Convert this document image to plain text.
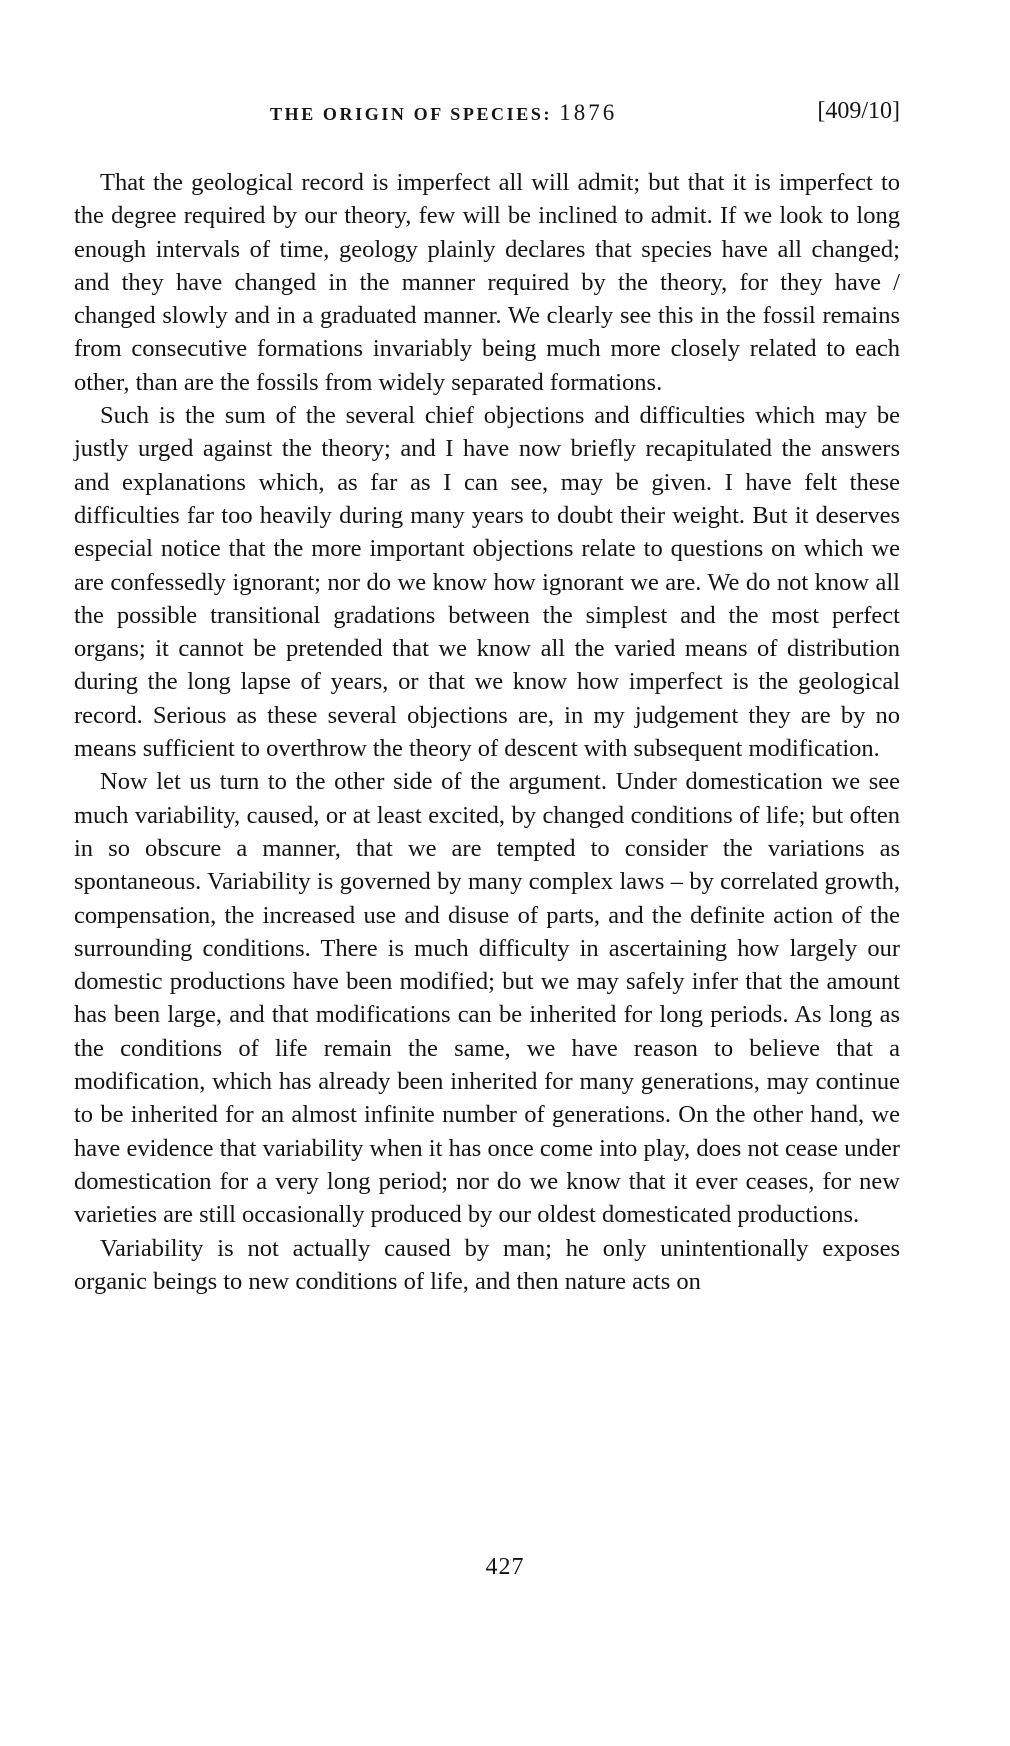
THE ORIGIN OF SPECIES: 1876	[409/10]

That the geological record is imperfect all will admit; but that it is imperfect to the degree required by our theory, few will be inclined to admit. If we look to long enough intervals of time, geology plainly declares that species have all changed; and they have changed in the manner required by the theory, for they have / changed slowly and in a graduated manner. We clearly see this in the fossil remains from consecutive formations invariably being much more closely related to each other, than are the fossils from widely separated formations.

Such is the sum of the several chief objections and difficulties which may be justly urged against the theory; and I have now briefly recapitulated the answers and explanations which, as far as I can see, may be given. I have felt these difficulties far too heavily during many years to doubt their weight. But it deserves especial notice that the more important objections relate to questions on which we are confessedly ignorant; nor do we know how ignorant we are. We do not know all the possible transitional gradations between the simplest and the most perfect organs; it cannot be pretended that we know all the varied means of distribution during the long lapse of years, or that we know how imperfect is the geological record. Serious as these several objections are, in my judgement they are by no means sufficient to overthrow the theory of descent with subsequent modification.

Now let us turn to the other side of the argument. Under domestication we see much variability, caused, or at least excited, by changed conditions of life; but often in so obscure a manner, that we are tempted to consider the variations as spontaneous. Variability is governed by many complex laws – by correlated growth, compensation, the increased use and disuse of parts, and the definite action of the surrounding conditions. There is much difficulty in ascertaining how largely our domestic productions have been modified; but we may safely infer that the amount has been large, and that modifications can be inherited for long periods. As long as the conditions of life remain the same, we have reason to believe that a modification, which has already been inherited for many generations, may continue to be inherited for an almost infinite number of generations. On the other hand, we have evidence that variability when it has once come into play, does not cease under domestication for a very long period; nor do we know that it ever ceases, for new varieties are still occasionally produced by our oldest domesticated productions.

Variability is not actually caused by man; he only unintentionally exposes organic beings to new conditions of life, and then nature acts on

427
